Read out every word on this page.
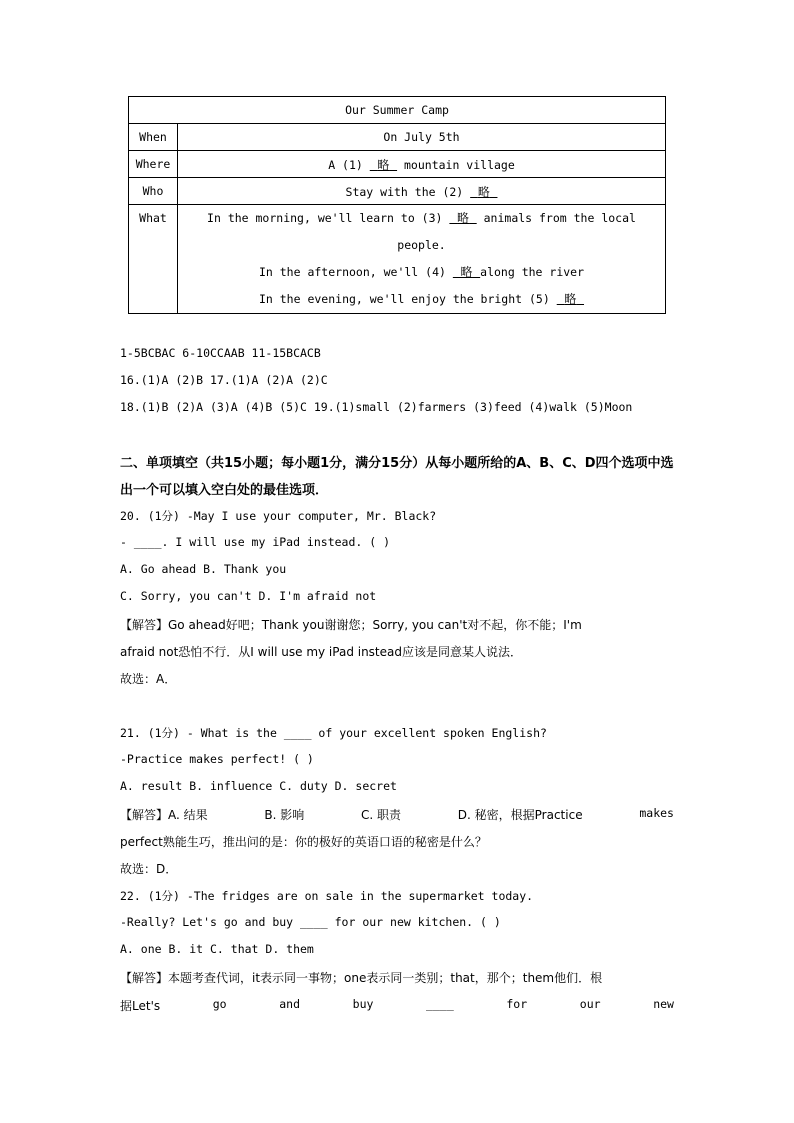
Our Summer Camp	
When	On July 5th
Where	A (1) 略 mountain village
Who	Stay with the (2) 略
What	In the morning, we'll learn to (3) 略 animals from the local
people.
In the afternoon, we'll (4) 略 along the river
In the evening, we'll enjoy the bright (5) 略
1-5BCBAC 6-10CCAAB 11-15BCACB
16.(1)A (2)B 17.(1)A (2)A (2)C
18.(1)B (2)A (3)A (4)B (5)C 19.(1)small (2)farmers (3)feed (4)walk (5)Moon
二、单项填空（共15小题；每小题1分，满分15分）从每小题所给的A、B、C、D四个选项中选出一个可以填入空白处的最佳选项．
20. (1分) -May I use your computer, Mr. Black?
- ____. I will use my iPad instead. ( )
A. Go ahead B. Thank you
C. Sorry, you can't D. I'm afraid not
【解答】Go ahead好吧；Thank you谢谢您；Sorry, you can't对不起，你不能；I'm
afraid not恐怕不行．从I will use my iPad instead应该是同意某人说法．
故选：A．
21. (1分) - What is the ____ of your excellent spoken English?
-Practice makes perfect! ( )
A. result B. influence C. duty D. secret
【解答】A. 结果	B. 影响	C. 职责	D. 秘密，根据Practice	makes
perfect熟能生巧，推出问的是：你的极好的英语口语的秘密是什么？
故选：D．
22. (1分) -The fridges are on sale in the supermarket today.
-Really? Let's go and buy ____ for our new kitchen. ( )
A. one B. it C. that D. them
【解答】本题考查代词，it表示同一事物；one表示同一类别；that，那个；them他们．根
据Let's	go	and	buy	____	for	our	new
